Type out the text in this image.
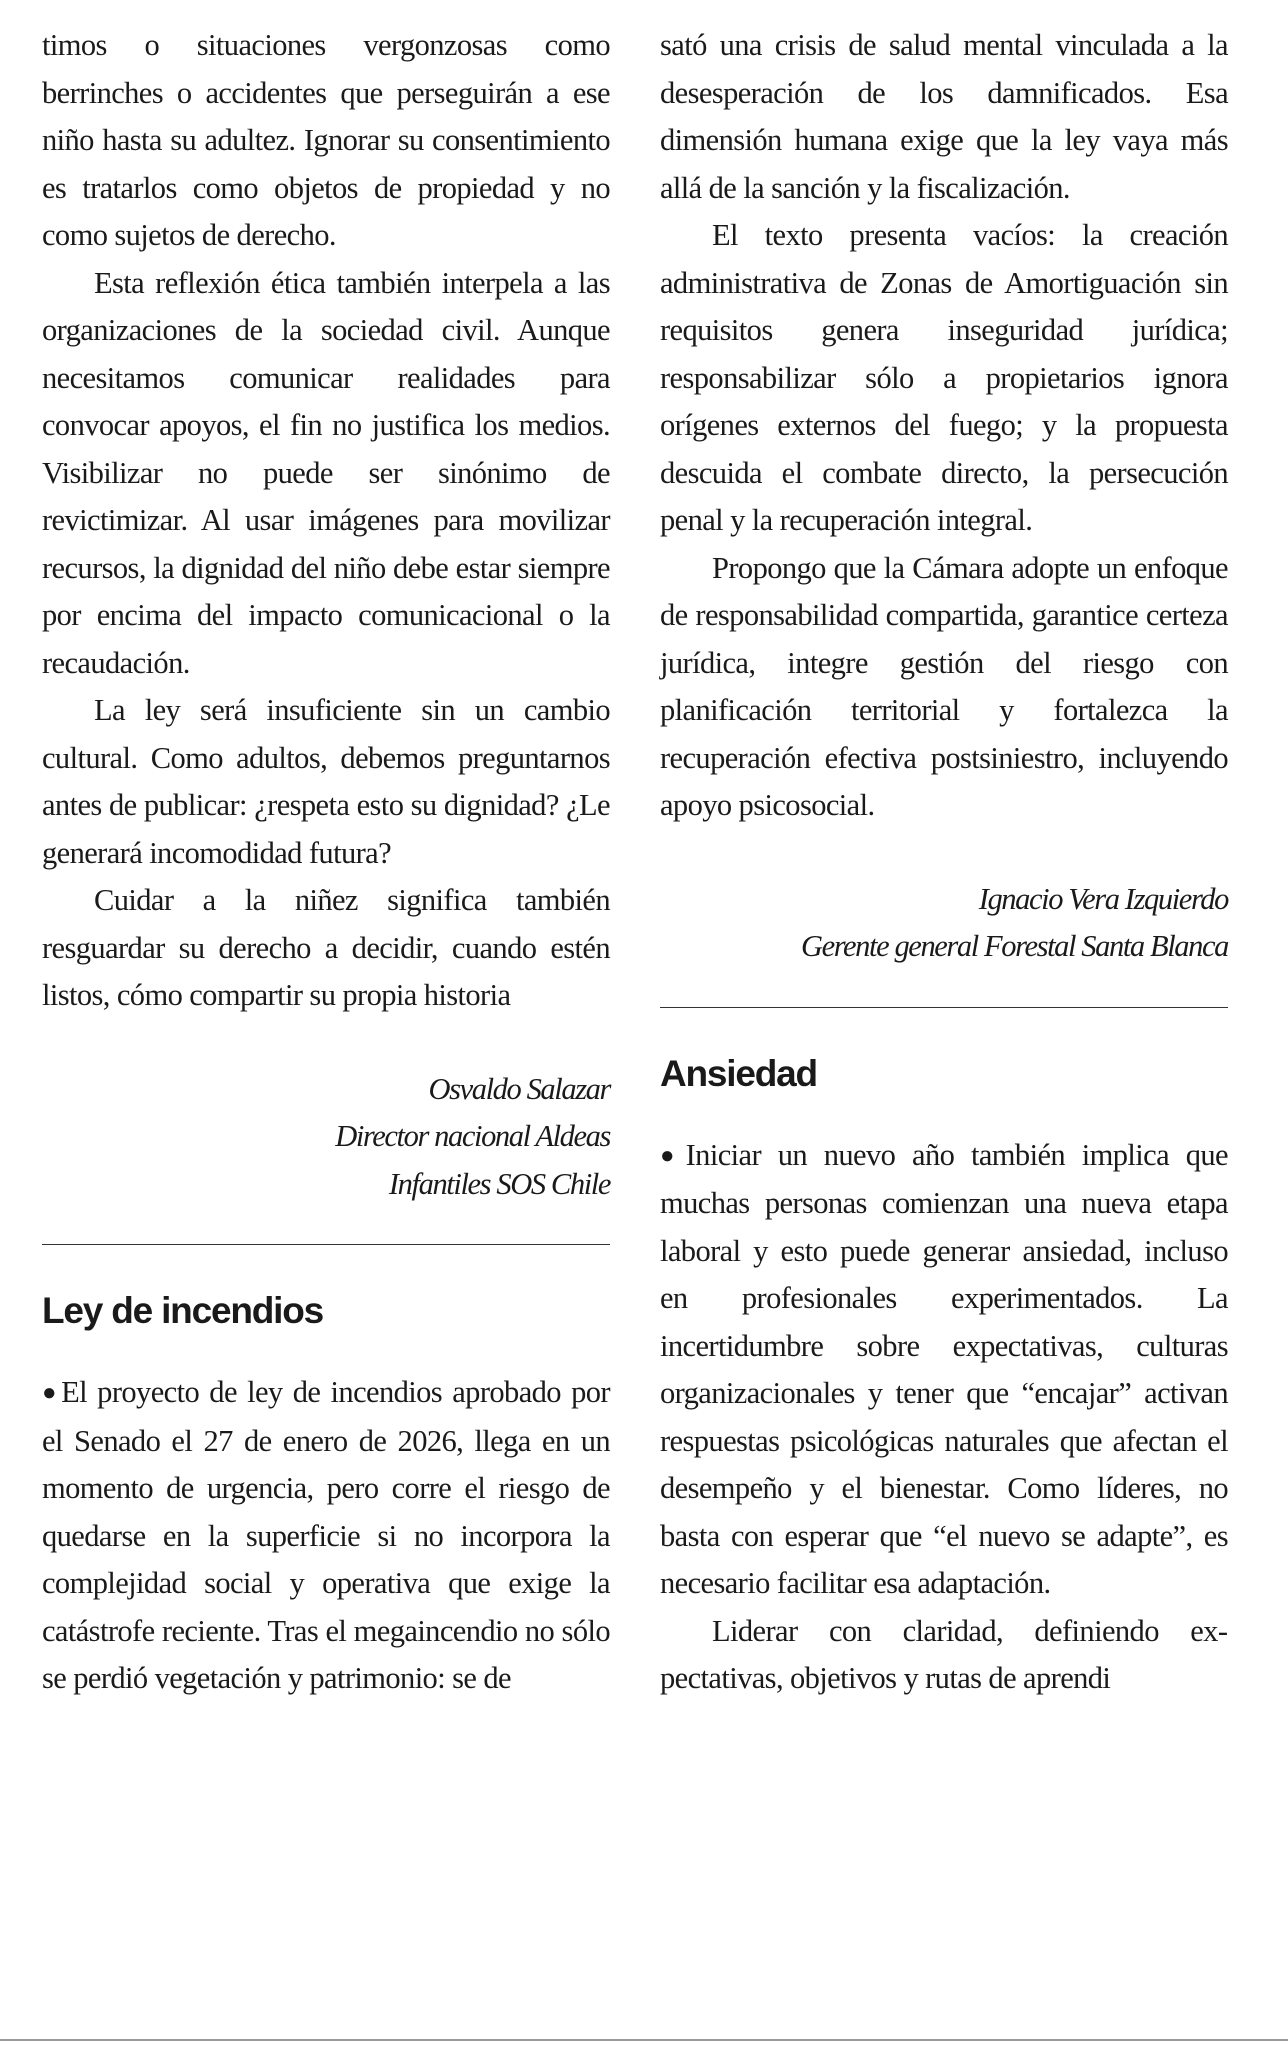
timos o situaciones vergonzosas como berrinches o accidentes que perseguirán a ese niño hasta su adultez. Ignorar su consentimiento es tratarlos como objetos de propiedad y no como sujetos de derecho.

Esta reflexión ética también interpela a las organizaciones de la sociedad civil. Aunque necesitamos comunicar realidades para convocar apoyos, el fin no justifica los medios. Visibilizar no puede ser sinónimo de revictimizar. Al usar imágenes para movilizar recursos, la dignidad del niño debe estar siempre por encima del impacto comunicacional o la recaudación.

La ley será insuficiente sin un cambio cultural. Como adultos, debemos preguntarnos antes de publicar: ¿respeta esto su dignidad? ¿Le generará incomodidad futura?

Cuidar a la niñez significa también resguardar su derecho a decidir, cuando estén listos, cómo compartir su propia historia

Osvaldo Salazar
Director nacional Aldeas
Infantiles SOS Chile
Ley de incendios

●El proyecto de ley de incendios aprobado por el Senado el 27 de enero de 2026, llega en un momento de urgencia, pero corre el riesgo de quedarse en la superficie si no incorpora la complejidad social y operativa que exige la catástrofe reciente. Tras el megaincendio no sólo se perdió vegetación y patrimonio: se de

sató una crisis de salud mental vinculada a la desesperación de los damnificados. Esa dimensión humana exige que la ley vaya más allá de la sanción y la fiscalización.

El texto presenta vacíos: la creación administrativa de Zonas de Amortiguación sin requisitos genera inseguridad jurídica; responsabilizar sólo a propietarios ignora orígenes externos del fuego; y la propuesta descuida el combate directo, la persecución penal y la recuperación integral.

Propongo que la Cámara adopte un enfoque de responsabilidad compartida, garantice certeza jurídica, integre gestión del riesgo con planificación territorial y fortalezca la recuperación efectiva postsiniestro, incluyendo apoyo psicosocial.

Ignacio Vera Izquierdo
Gerente general Forestal Santa Blanca
Ansiedad

●Iniciar un nuevo año también implica que muchas personas comienzan una nueva etapa laboral y esto puede generar ansiedad, incluso en profesionales experimentados. La incertidumbre sobre expectativas, culturas organizacionales y tener que “encajar” activan respuestas psicológicas naturales que afectan el desempeño y el bienestar. Como líderes, no basta con esperar que “el nuevo se adapte”, es necesario facilitar esa adaptación.

Liderar con claridad, definiendo expectativas, objetivos y rutas de aprendi
